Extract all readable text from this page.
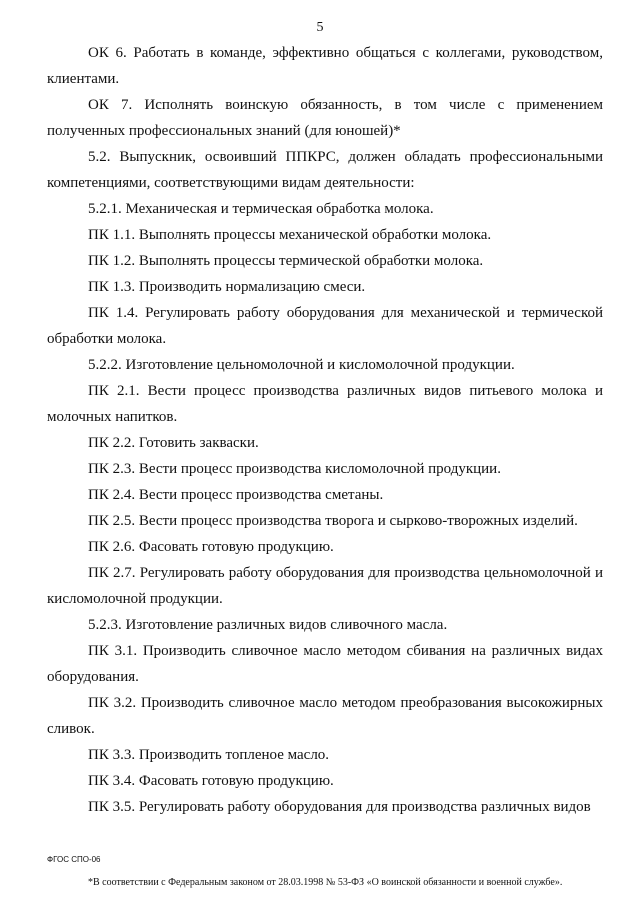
5

ОК 6. Работать в команде, эффективно общаться с коллегами, руководством, клиентами.

ОК 7. Исполнять воинскую обязанность, в том числе с применением полученных профессиональных знаний (для юношей)*

5.2. Выпускник, освоивший ППКРС, должен обладать профессиональными компетенциями, соответствующими видам деятельности:

5.2.1. Механическая и термическая обработка молока.

ПК 1.1. Выполнять процессы механической обработки молока.

ПК 1.2. Выполнять процессы термической обработки молока.

ПК 1.3. Производить нормализацию смеси.

ПК 1.4. Регулировать работу оборудования для механической и термической обработки молока.

5.2.2. Изготовление цельномолочной и кисломолочной продукции.

ПК 2.1. Вести процесс производства различных видов питьевого молока и молочных напитков.

ПК 2.2. Готовить закваски.

ПК 2.3. Вести процесс производства кисломолочной продукции.

ПК 2.4. Вести процесс производства сметаны.

ПК 2.5. Вести процесс производства творога и сырково-творожных изделий.

ПК 2.6. Фасовать готовую продукцию.

ПК 2.7. Регулировать работу оборудования для производства цельномолочной и кисломолочной продукции.

5.2.3. Изготовление различных видов сливочного масла.

ПК 3.1. Производить сливочное масло методом сбивания на различных видах оборудования.

ПК 3.2. Производить сливочное масло методом преобразования высокожирных сливок.

ПК 3.3. Производить топленое масло.

ПК 3.4. Фасовать готовую продукцию.

ПК 3.5. Регулировать работу оборудования для производства различных видов

ФГОС СПО-06
*В соответствии с Федеральным законом от 28.03.1998 № 53-ФЗ «О воинской обязанности и военной службе».
